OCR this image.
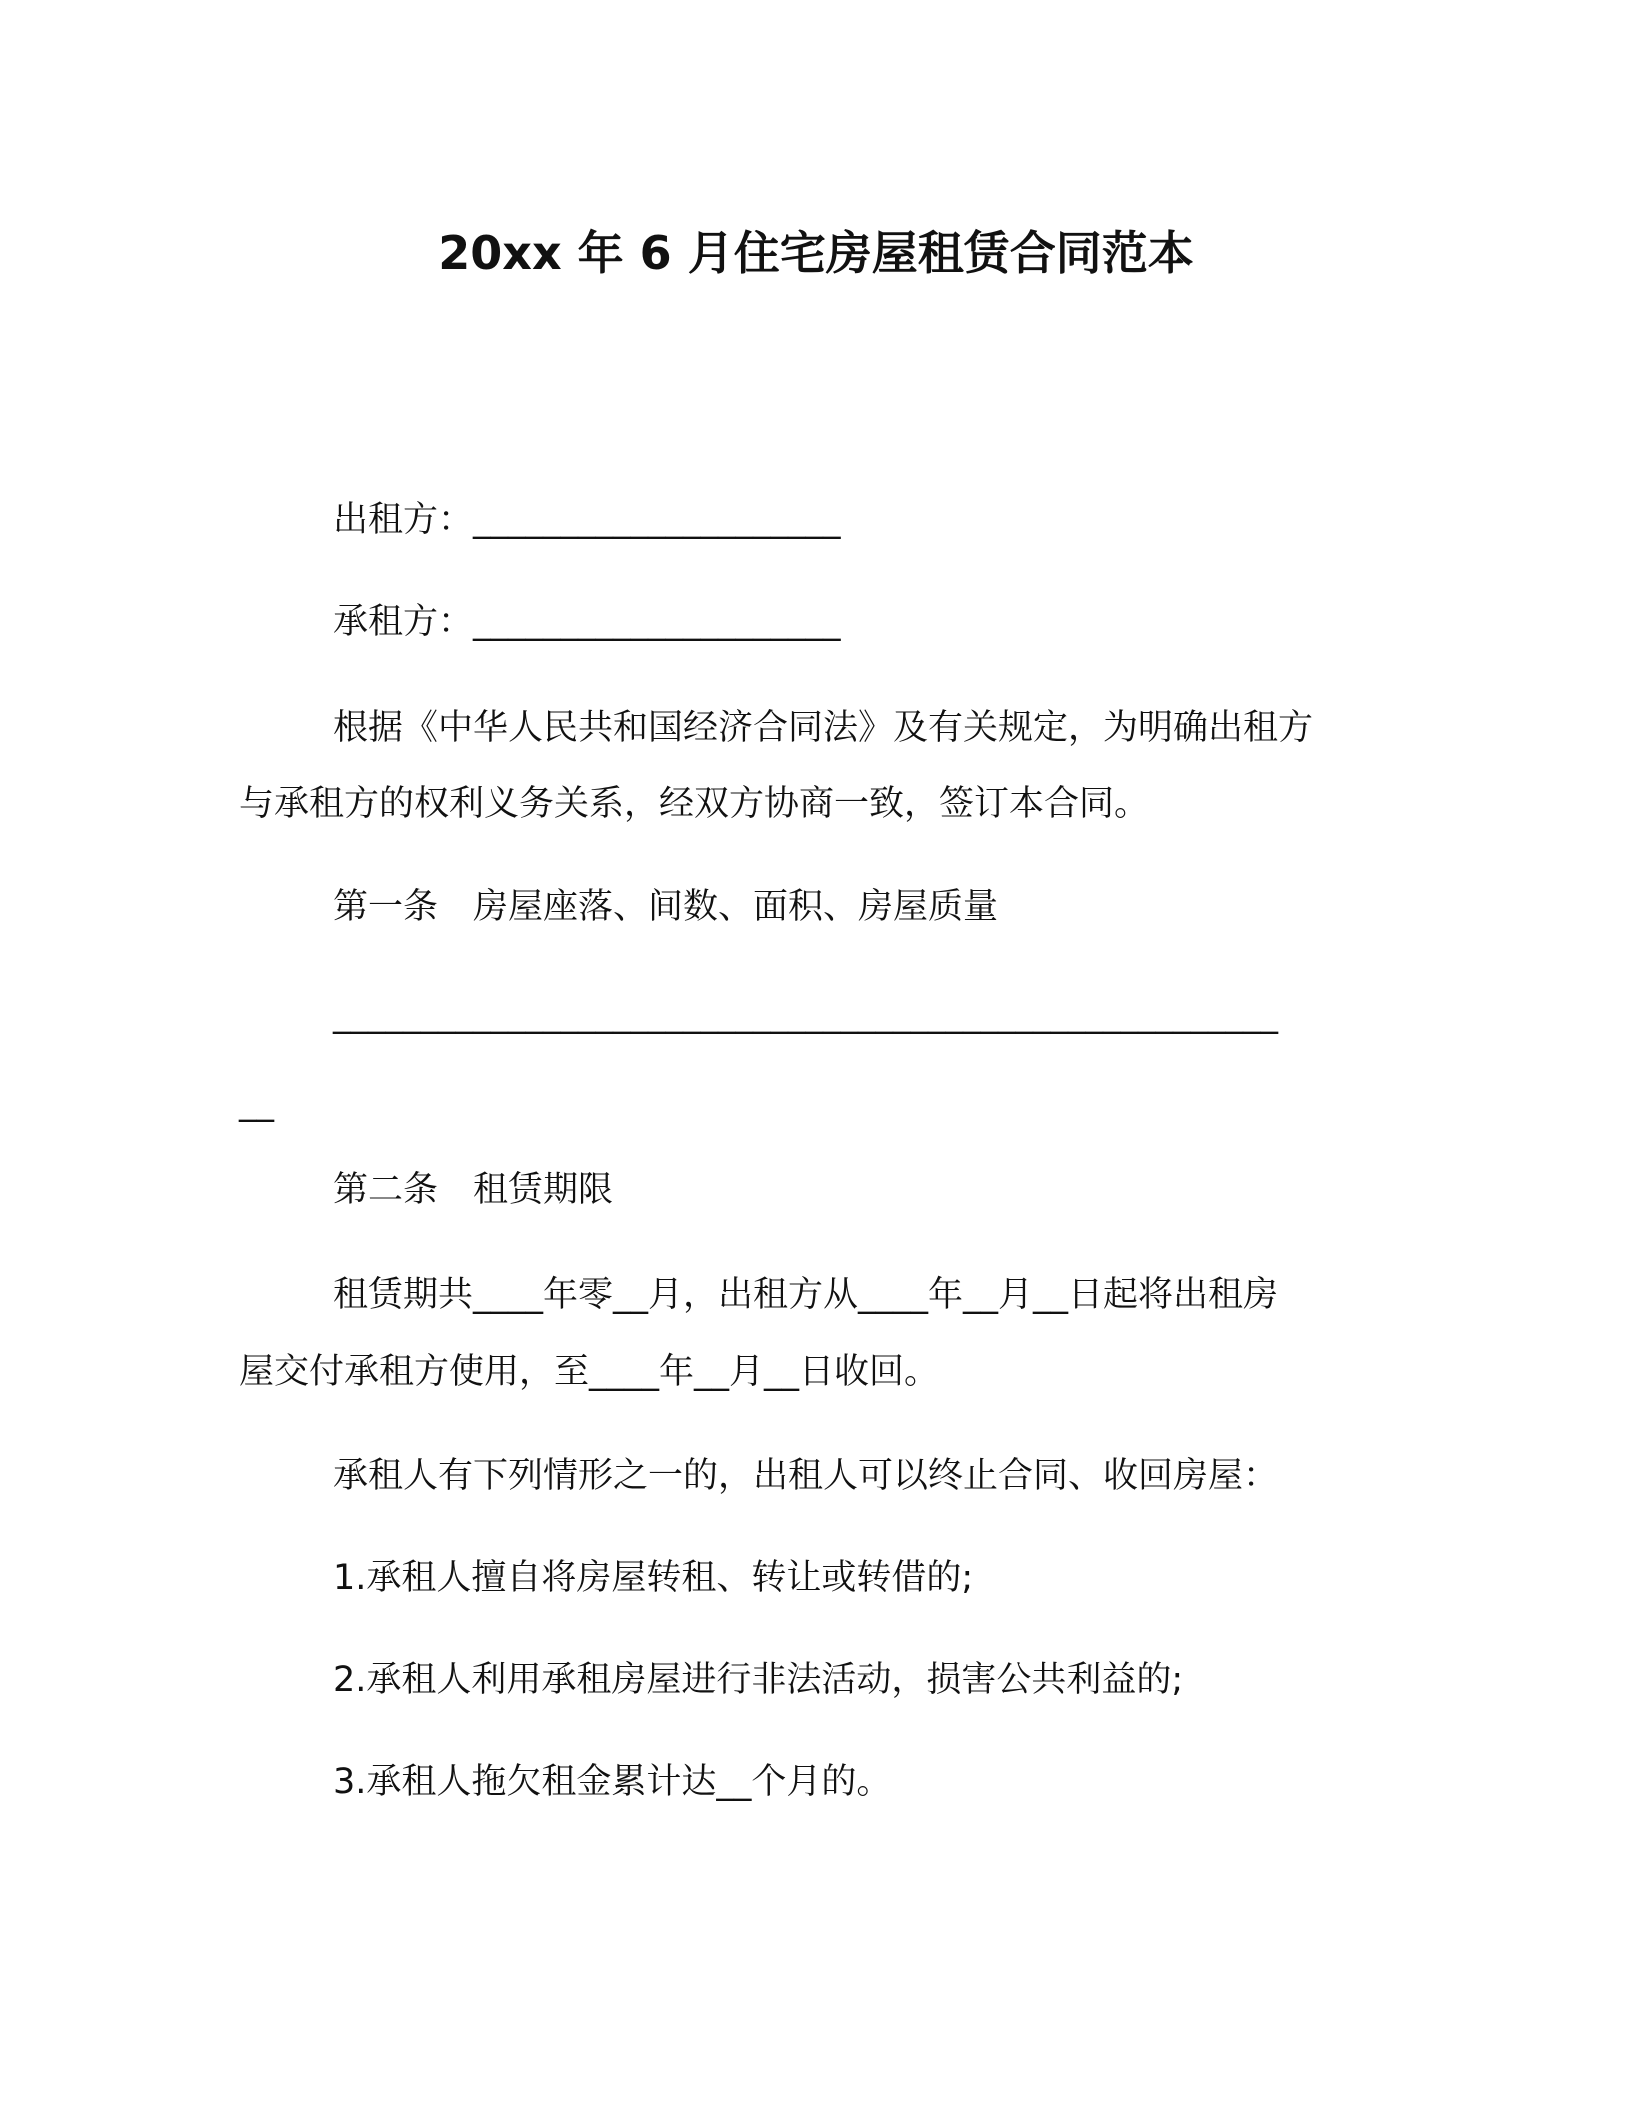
20xx 年 6 月住宅房屋租赁合同范本
出租方：_____________________
承租方：_____________________
根据《中华人民共和国经济合同法》及有关规定，为明确出租方
与承租方的权利义务关系，经双方协商一致，签订本合同。
第一条　房屋座落、间数、面积、房屋质量
______________________________________________________
__
第二条　租赁期限
租赁期共____年零__月，出租方从____年__月__日起将出租房
屋交付承租方使用，至____年__月__日收回。
承租人有下列情形之一的，出租人可以终止合同、收回房屋：
1.承租人擅自将房屋转租、转让或转借的;
2.承租人利用承租房屋进行非法活动，损害公共利益的;
3.承租人拖欠租金累计达__个月的。
